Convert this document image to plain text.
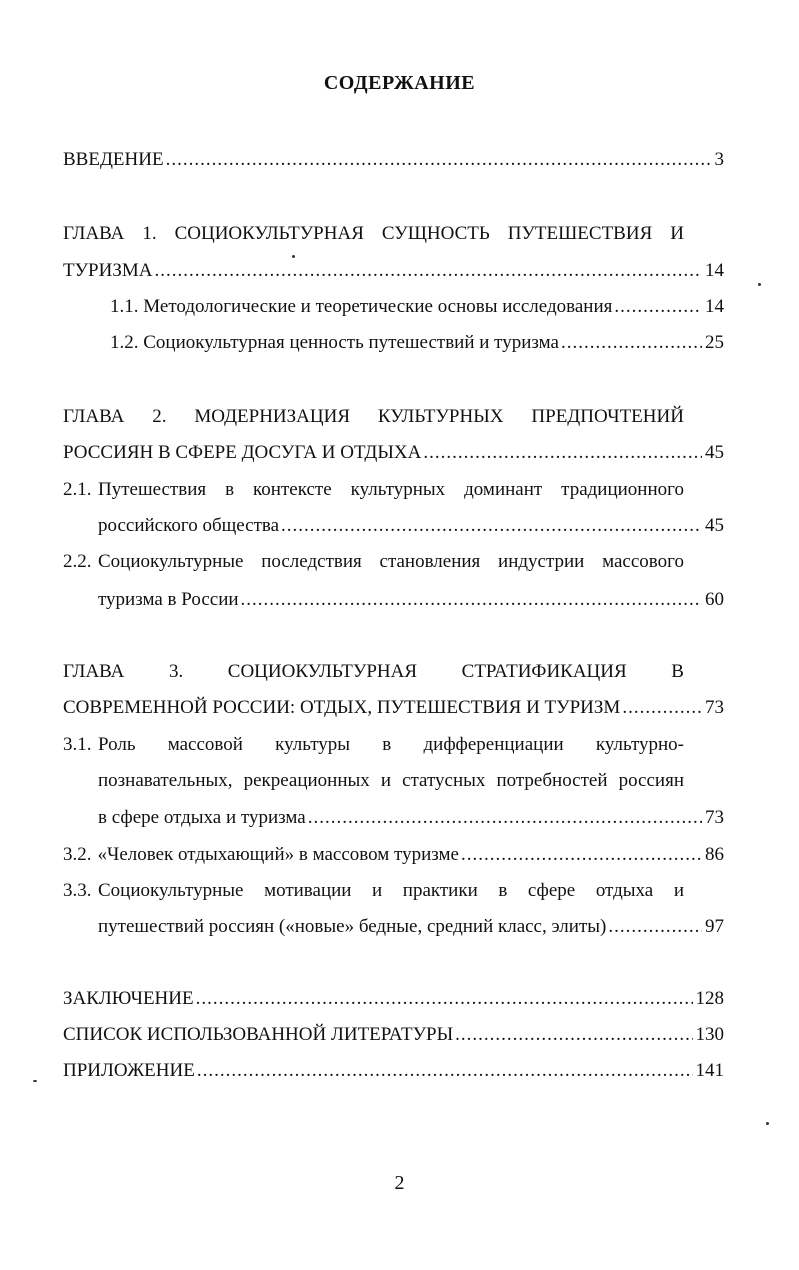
СОДЕРЖАНИЕ
ВВЕДЕНИЕ .....	3
ГЛАВА 1. СОЦИОКУЛЬТУРНАЯ СУЩНОСТЬ ПУТЕШЕСТВИЯ И
ТУРИЗМА .....	14
1.1. Методологические и теоретические основы исследования .....	14
1.2. Социокультурная ценность путешествий и туризма .....	25
ГЛАВА 2. МОДЕРНИЗАЦИЯ КУЛЬТУРНЫХ ПРЕДПОЧТЕНИЙ
РОССИЯН В СФЕРЕ ДОСУГА И ОТДЫХА .....	45
2.1. Путешествия в контексте культурных доминант традиционного
российского общества .....	45
2.2. Социокультурные последствия становления индустрии массового
туризма в России .....	60
ГЛАВА 3. СОЦИОКУЛЬТУРНАЯ СТРАТИФИКАЦИЯ В
СОВРЕМЕННОЙ РОССИИ: ОТДЫХ, ПУТЕШЕСТВИЯ И ТУРИЗМ .....	73
3.1. Роль массовой культуры в дифференциации культурно-
познавательных, рекреационных и статусных потребностей россиян
в сфере отдыха и туризма .....	73
3.2. «Человек отдыхающий» в массовом туризме .....	86
3.3. Социокультурные мотивации и практики в сфере отдыха и
путешествий россиян («новые» бедные, средний класс, элиты) .....	97
ЗАКЛЮЧЕНИЕ .....	128
СПИСОК ИСПОЛЬЗОВАННОЙ ЛИТЕРАТУРЫ .....	130
ПРИЛОЖЕНИЕ .....	141
2
